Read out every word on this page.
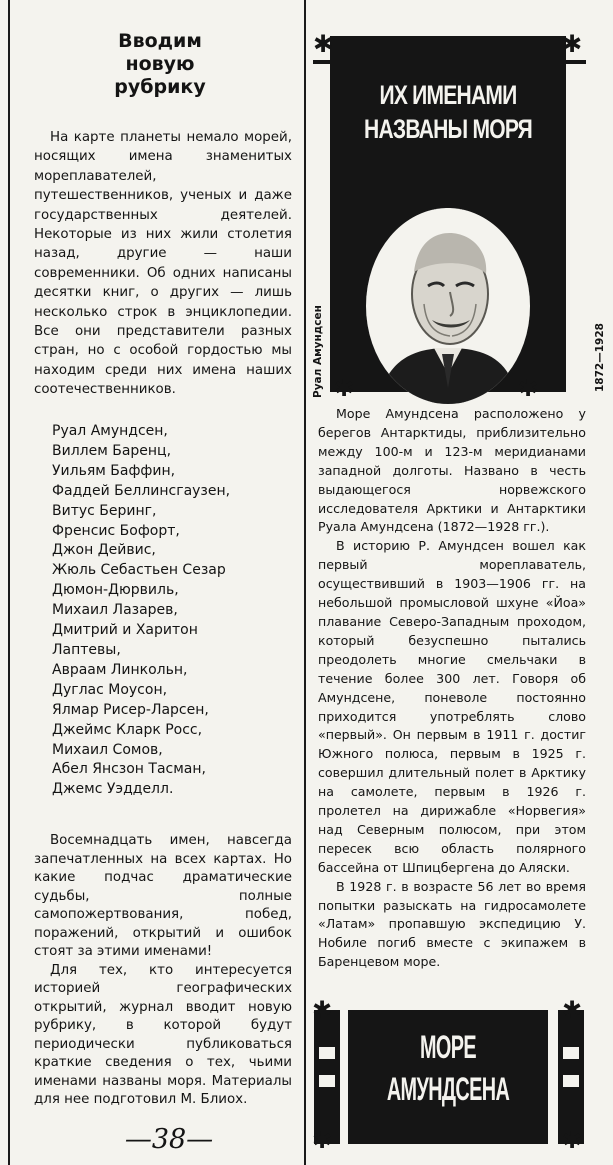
Вводим новую рубрику

На карте планеты немало морей, носящих имена знаменитых мореплавателей, путешественников, ученых и даже государственных деятелей. Некоторые из них жили столетия назад, другие — наши современники. Об одних написаны десятки книг, о других — лишь несколько строк в энциклопедии. Все они представители разных стран, но с особой гордостью мы находим среди них имена наших соотечественников.

Руал Амундсен,
Виллем Баренц,
Уильям Баффин,
Фаддей Беллинсгаузен,
Витус Беринг,
Френсис Бофорт,
Джон Дейвис,
Жюль Себастьен Сезар
Дюмон-Дюрвиль,
Михаил Лазарев,
Дмитрий и Харитон
Лаптевы,
Авраам Линкольн,
Дуглас Моусон,
Ялмар Рисер-Ларсен,
Джеймс Кларк Росс,
Михаил Сомов,
Абел Янсзон Тасман,
Джемс Уэдделл.

Восемнадцать имен, навсегда запечатленных на всех картах. Но какие подчас драматические судьбы, полные самопожертвования, побед, поражений, открытий и ошибок стоят за этими именами!

Для тех, кто интересуется историей географических открытий, журнал вводит новую рубрику, в которой будут периодически публиковаться краткие сведения о тех, чьими именами названы моря. Материалы для нее подготовил М. Блиох.

—38—
ИХ ИМЕНАМИ
НАЗВАНЫ МОРЯ
✱	✱
✱	✱
Руал Амундсен	1872—1928

Море Амундсена расположено у берегов Антарктиды, приблизительно между 100-м и 123-м меридианами западной долготы. Названо в честь выдающегося норвежского исследователя Арктики и Антарктики Руала Амундсена (1872—1928 гг.).

В историю Р. Амундсен вошел как первый мореплаватель, осуществивший в 1903—1906 гг. на небольшой промысловой шхуне «Йоа» плавание Северо-Западным проходом, который безуспешно пытались преодолеть многие смельчаки в течение более 300 лет. Говоря об Амундсене, поневоле постоянно приходится употреблять слово «первый». Он первым в 1911 г. достиг Южного полюса, первым в 1925 г. совершил длительный полет в Арктику на самолете, первым в 1926 г. пролетел на дирижабле «Норвегия» над Северным полюсом, при этом пересек всю область полярного бассейна от Шпицбергена до Аляски.

В 1928 г. в возрасте 56 лет во время попытки разыскать на гидросамолете «Латам» пропавшую экспедицию У. Нобиле погиб вместе с экипажем в Баренцевом море.

МОРЕ
АМУНДСЕНА
✱	✱
✱	✱
